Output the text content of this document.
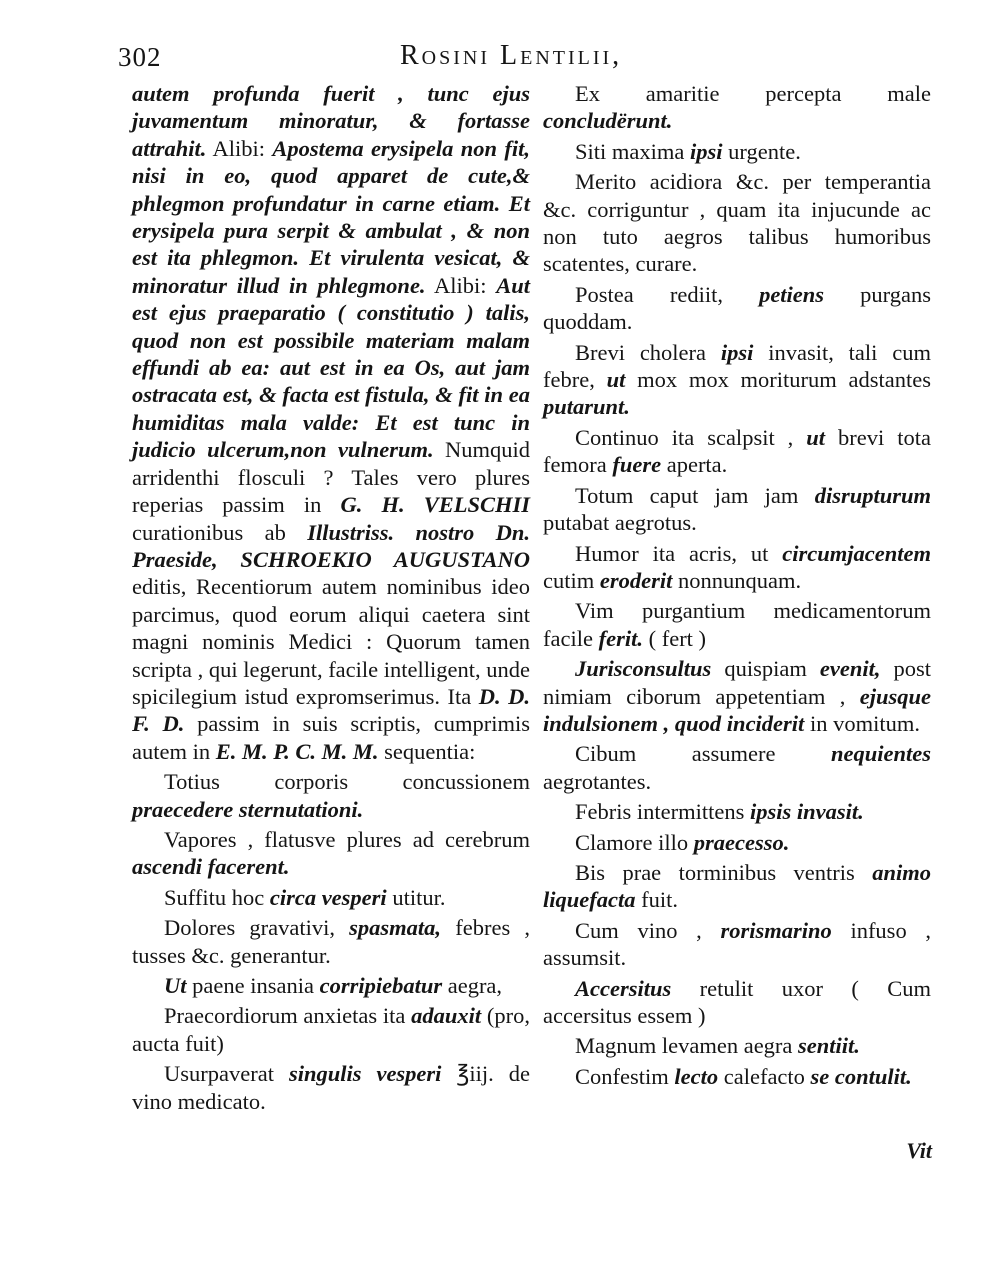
302	Rosini Lentilii,

autem profunda fuerit , tunc ejus juvamentum minoratur, & fortasse attrahit. Alibi: Apostema erysipela non fit, nisi in eo, quod apparet de cute,& phlegmon profundatur in carne etiam. Et erysipela pura serpit & ambulat , & non est ita phlegmon. Et virulenta vesicat, & minoratur illud in phlegmone. Alibi: Aut est ejus praeparatio ( constitutio ) talis, quod non est possibile materiam malam effundi ab ea: aut est in ea Os, aut jam ostracata est, & facta est fistula, & fit in ea humiditas mala valde: Et est tunc in judicio ulcerum,non vulnerum. Numquid arridenthi flosculi ? Tales vero plures reperias passim in G. H. VELSCHII curationibus ab Illustriss. nostro Dn. Praeside, SCHROEKIO AUGUSTANO editis, Recentiorum autem nominibus ideo parcimus, quod eorum aliqui caetera sint magni nominis Medici : Quorum tamen scripta , qui legerunt, facile intelligent, unde spicilegium istud expromserimus. Ita D. D. F. D. passim in suis scriptis, cumprimis autem in E. M. P. C. M. M. sequentia:

Totius corporis concussionem praecedere sternutationi.

Vapores , flatusve plures ad cerebrum ascendi facerent.

Suffitu hoc circa vesperi utitur.

Dolores gravativi, spasmata, febres , tusses &c. generantur.

Ut paene insania corripiebatur aegra,

Praecordiorum anxietas ita adauxit (pro, aucta fuit)

Usurpaverat singulis vesperi ℥iij. de vino medicato.

Ex amaritie percepta male concludërunt.

Siti maxima ipsi urgente.

Merito acidiora &c. per temperantia &c. corriguntur , quam ita injucunde ac non tuto aegros talibus humoribus scatentes, curare.

Postea rediit, petiens purgans quoddam.

Brevi cholera ipsi invasit, tali cum febre, ut mox mox moriturum adstantes putarunt.

Continuo ita scalpsit , ut brevi tota femora fuere aperta.

Totum caput jam jam disrupturum putabat aegrotus.

Humor ita acris, ut circumjacentem cutim eroderit nonnunquam.

Vim purgantium medicamentorum facile ferit. ( fert )

Jurisconsultus quispiam evenit, post nimiam ciborum appetentiam , ejusque indulsionem , quod inciderit in vomitum.

Cibum assumere nequientes aegrotantes.

Febris intermittens ipsis invasit.

Clamore illo praecesso.

Bis prae torminibus ventris animo liquefacta fuit.

Cum vino , rorismarino infuso , assumsit.

Accersitus retulit uxor ( Cum accersitus essem )

Magnum levamen aegra sentiit.

Confestim lecto calefacto se contulit.

Vit
